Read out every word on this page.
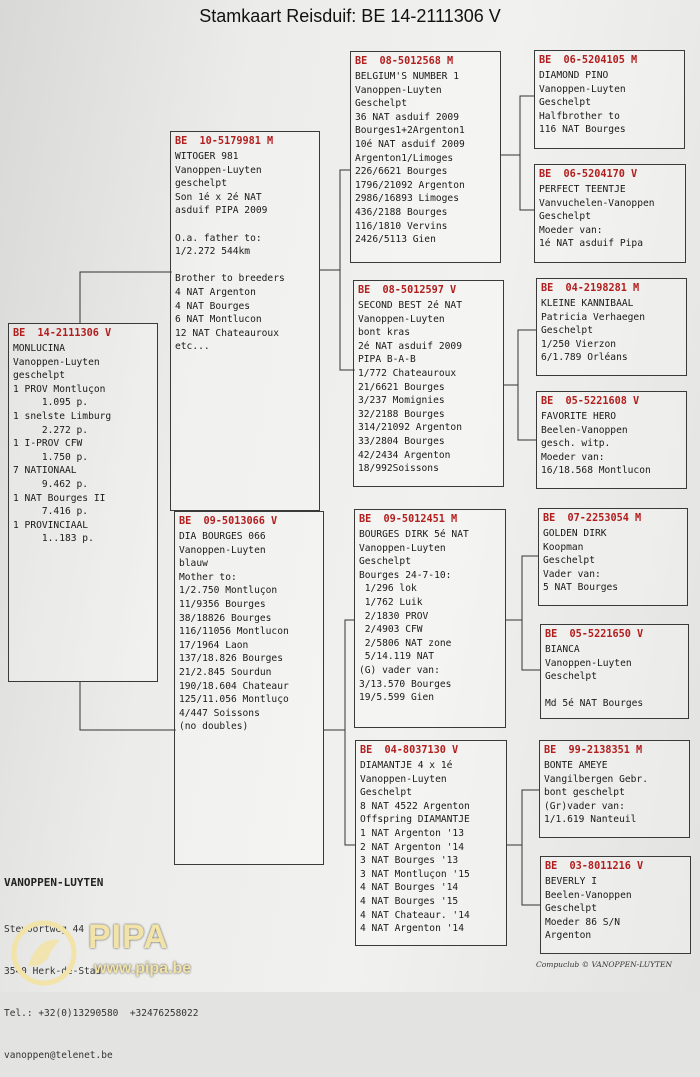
Stamkaart Reisduif: BE 14-2111306 V
BE  14-2111306 V
MONLUCINA
Vanoppen-Luyten
geschelpt
1 PROV Montluçon
1.095 p.
1 snelste Limburg
2.272 p.
1 I-PROV CFW
1.750 p.
7 NATIONAAL
9.462 p.
1 NAT Bourges II
7.416 p.
1 PROVINCIAAL
1..183 p.
BE  10-5179981 M
WITOGER 981
Vanoppen-Luyten
geschelpt
Son 1é x 2é NAT
asduif PIPA 2009
O.a. father to:
1/2.272 544km
Brother to breeders
4 NAT Argenton
4 NAT Bourges
6 NAT Montlucon
12 NAT Chateauroux
etc...
BE  09-5013066 V
DIA BOURGES 066
Vanoppen-Luyten
blauw
Mother to:
1/2.750 Montluçon
11/9356 Bourges
38/18826 Bourges
116/11056 Montlucon
17/1964 Laon
137/18.826 Bourges
21/2.845 Sourdun
190/18.604 Chateaur
125/11.056 Montluço
4/447 Soissons
(no doubles)
BE  08-5012568 M
BELGIUM'S NUMBER 1
Vanoppen-Luyten
Geschelpt
36 NAT asduif 2009
Bourges1+2Argenton1
10é NAT asduif 2009
Argenton1/Limoges
226/6621 Bourges
1796/21092 Argenton
2986/16893 Limoges
436/2188 Bourges
116/1810 Vervins
2426/5113 Gien
BE  08-5012597 V
SECOND BEST 2é NAT
Vanoppen-Luyten
bont kras
2é NAT asduif 2009
PIPA B-A-B
1/772 Chateauroux
21/6621 Bourges
3/237 Momignies
32/2188 Bourges
314/21092 Argenton
33/2804 Bourges
42/2434 Argenton
18/992Soissons
BE  09-5012451 M
BOURGES DIRK 5é NAT
Vanoppen-Luyten
Geschelpt
Bourges 24-7-10:
1/296 lok
1/762 Luik
2/1830 PROV
2/4903 CFW
2/5806 NAT zone
5/14.119 NAT
(G) vader van:
3/13.570 Bourges
19/5.599 Gien
BE  04-8037130 V
DIAMANTJE 4 x 1é
Vanoppen-Luyten
Geschelpt
8 NAT 4522 Argenton
Offspring DIAMANTJE
1 NAT Argenton '13
2 NAT Argenton '14
3 NAT Bourges '13
3 NAT Montluçon '15
4 NAT Bourges '14
4 NAT Bourges '15
4 NAT Chateaur. '14
4 NAT Argenton '14
BE  06-5204105 M
DIAMOND PINO
Vanoppen-Luyten
Geschelpt
Halfbrother to
116 NAT Bourges
BE  06-5204170 V
PERFECT TEENTJE
Vanvuchelen-Vanoppen
Geschelpt
Moeder van:
1é NAT asduif Pipa
BE  04-2198281 M
KLEINE KANNIBAAL
Patricia Verhaegen
Geschelpt
1/250 Vierzon
6/1.789 Orléans
BE  05-5221608 V
FAVORITE HERO
Beelen-Vanoppen
gesch. witp.
Moeder van:
16/18.568 Montlucon
BE  07-2253054 M
GOLDEN DIRK
Koopman
Geschelpt
Vader van:
5 NAT Bourges
BE  05-5221650 V
BIANCA
Vanoppen-Luyten
Geschelpt
Md 5é NAT Bourges
BE  99-2138351 M
BONTE AMEYE
Vangilbergen Gebr.
bont geschelpt
(Gr)vader van:
1/1.619 Nanteuil
BE  03-8011216 V
BEVERLY I
Beelen-Vanoppen
Geschelpt
Moeder 86 S/N
Argenton
VANOPPEN-LUYTEN

Stevoortweg 44

3540 Herk-de-Stad

Tel.: +32(0)13290580  +32476258022

vanoppen@telenet.be

PIPA
www.pipa.be	Compuclub © VANOPPEN-LUYTEN
